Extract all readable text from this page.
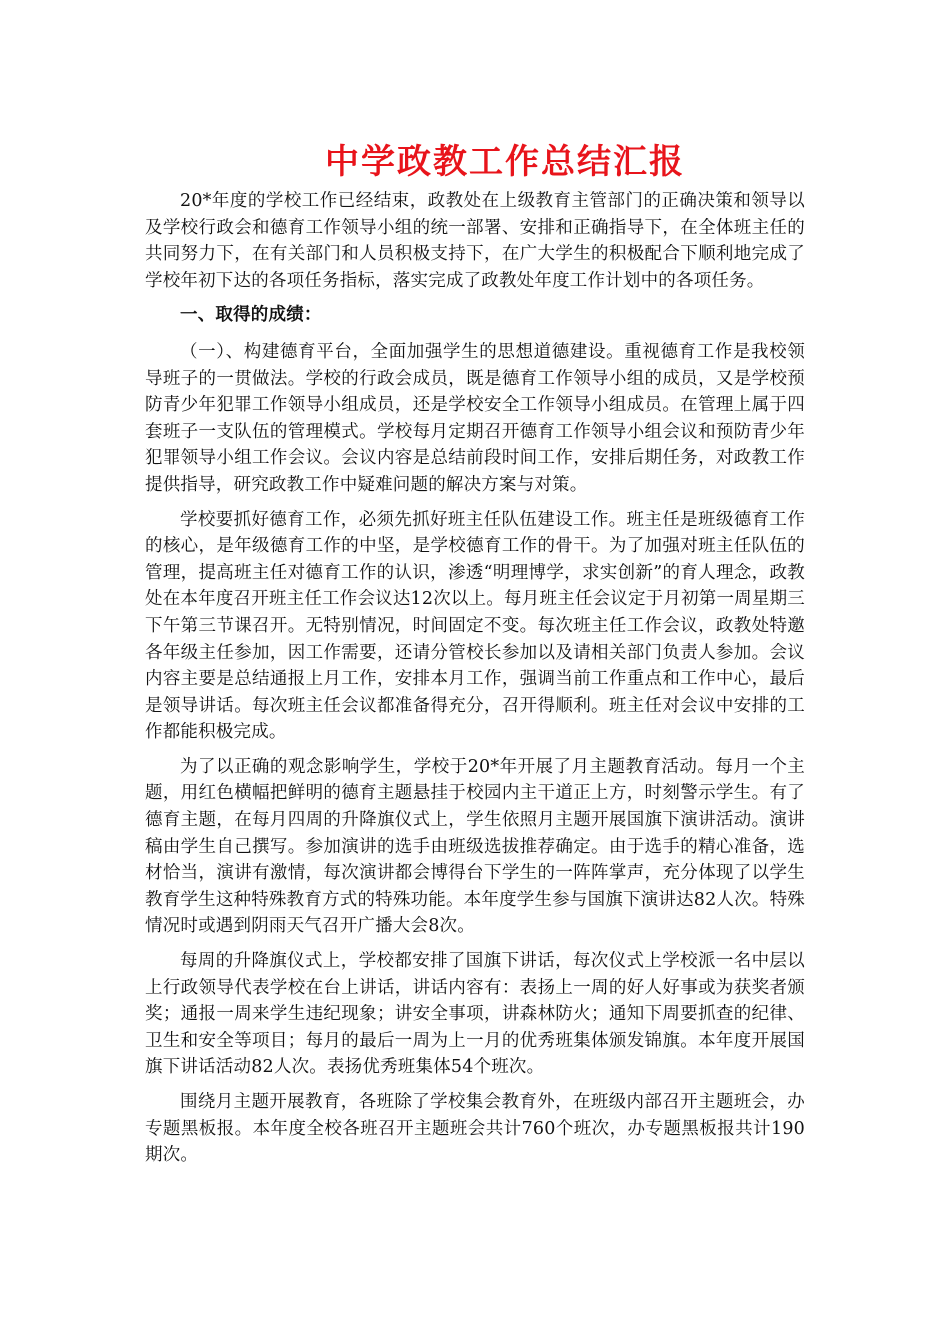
中学政教工作总结汇报

20*年度的学校工作已经结束，政教处在上级教育主管部门的正确决策和领导以及学校行政会和德育工作领导小组的统一部署、安排和正确指导下，在全体班主任的共同努力下，在有关部门和人员积极支持下，在广大学生的积极配合下顺利地完成了学校年初下达的各项任务指标，落实完成了政教处年度工作计划中的各项任务。

一、取得的成绩：

（一）、构建德育平台，全面加强学生的思想道德建设。重视德育工作是我校领导班子的一贯做法。学校的行政会成员，既是德育工作领导小组的成员，又是学校预防青少年犯罪工作领导小组成员，还是学校安全工作领导小组成员。在管理上属于四套班子一支队伍的管理模式。学校每月定期召开德育工作领导小组会议和预防青少年犯罪领导小组工作会议。会议内容是总结前段时间工作，安排后期任务，对政教工作提供指导，研究政教工作中疑难问题的解决方案与对策。

学校要抓好德育工作，必须先抓好班主任队伍建设工作。班主任是班级德育工作的核心，是年级德育工作的中坚，是学校德育工作的骨干。为了加强对班主任队伍的管理，提高班主任对德育工作的认识，渗透“明理博学，求实创新”的育人理念，政教处在本年度召开班主任工作会议达12次以上。每月班主任会议定于月初第一周星期三下午第三节课召开。无特别情况，时间固定不变。每次班主任工作会议，政教处特邀各年级主任参加，因工作需要，还请分管校长参加以及请相关部门负责人参加。会议内容主要是总结通报上月工作，安排本月工作，强调当前工作重点和工作中心，最后是领导讲话。每次班主任会议都准备得充分，召开得顺利。班主任对会议中安排的工作都能积极完成。

为了以正确的观念影响学生，学校于20*年开展了月主题教育活动。每月一个主题，用红色横幅把鲜明的德育主题悬挂于校园内主干道正上方，时刻警示学生。有了德育主题，在每月四周的升降旗仪式上，学生依照月主题开展国旗下演讲活动。演讲稿由学生自己撰写。参加演讲的选手由班级选拔推荐确定。由于选手的精心准备，选材恰当，演讲有激情，每次演讲都会博得台下学生的一阵阵掌声，充分体现了以学生教育学生这种特殊教育方式的特殊功能。本年度学生参与国旗下演讲达82人次。特殊情况时或遇到阴雨天气召开广播大会8次。

每周的升降旗仪式上，学校都安排了国旗下讲话，每次仪式上学校派一名中层以上行政领导代表学校在台上讲话，讲话内容有：表扬上一周的好人好事或为获奖者颁奖；通报一周来学生违纪现象；讲安全事项，讲森林防火；通知下周要抓查的纪律、卫生和安全等项目；每月的最后一周为上一月的优秀班集体颁发锦旗。本年度开展国旗下讲话活动82人次。表扬优秀班集体54个班次。

围绕月主题开展教育，各班除了学校集会教育外，在班级内部召开主题班会，办专题黑板报。本年度全校各班召开主题班会共计760个班次，办专题黑板报共计190期次。
